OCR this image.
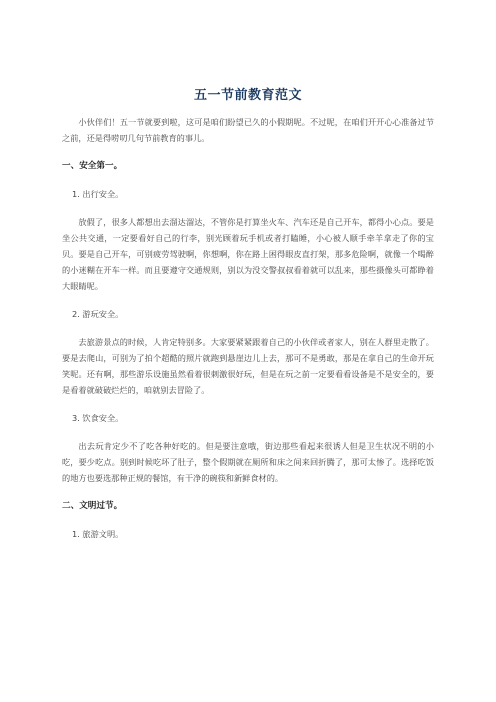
五一节前教育范文

小伙伴们！五一节就要到啦，这可是咱们盼望已久的小假期呢。不过呢，在咱们开开心心准备过节之前，还是得唠叨几句节前教育的事儿。

一、安全第一。
1. 出行安全。

放假了，很多人都想出去溜达溜达，不管你是打算坐火车、汽车还是自己开车，都得小心点。要是坐公共交通，一定要看好自己的行李，别光顾着玩手机或者打瞌睡，小心被人顺手牵羊拿走了你的宝贝。要是自己开车，可别疲劳驾驶啊，你想啊，你在路上困得眼皮直打架，那多危险啊，就像一个喝醉的小迷糊在开车一样。而且要遵守交通规则，别以为没交警叔叔看着就可以乱来，那些摄像头可都睁着大眼睛呢。

2. 游玩安全。

去旅游景点的时候，人肯定特别多。大家要紧紧跟着自己的小伙伴或者家人，别在人群里走散了。要是去爬山，可别为了拍个超酷的照片就跑到悬崖边儿上去，那可不是勇敢，那是在拿自己的生命开玩笑呢。还有啊，那些游乐设施虽然看着很刺激很好玩，但是在玩之前一定要看看设备是不是安全的，要是看着就破破烂烂的，咱就别去冒险了。

3. 饮食安全。

出去玩肯定少不了吃各种好吃的。但是要注意哦，街边那些看起来很诱人但是卫生状况不明的小吃，要少吃点。别到时候吃坏了肚子，整个假期就在厕所和床之间来回折腾了，那可太惨了。选择吃饭的地方也要选那种正规的餐馆，有干净的碗筷和新鲜食材的。

二、文明过节。
1. 旅游文明。
